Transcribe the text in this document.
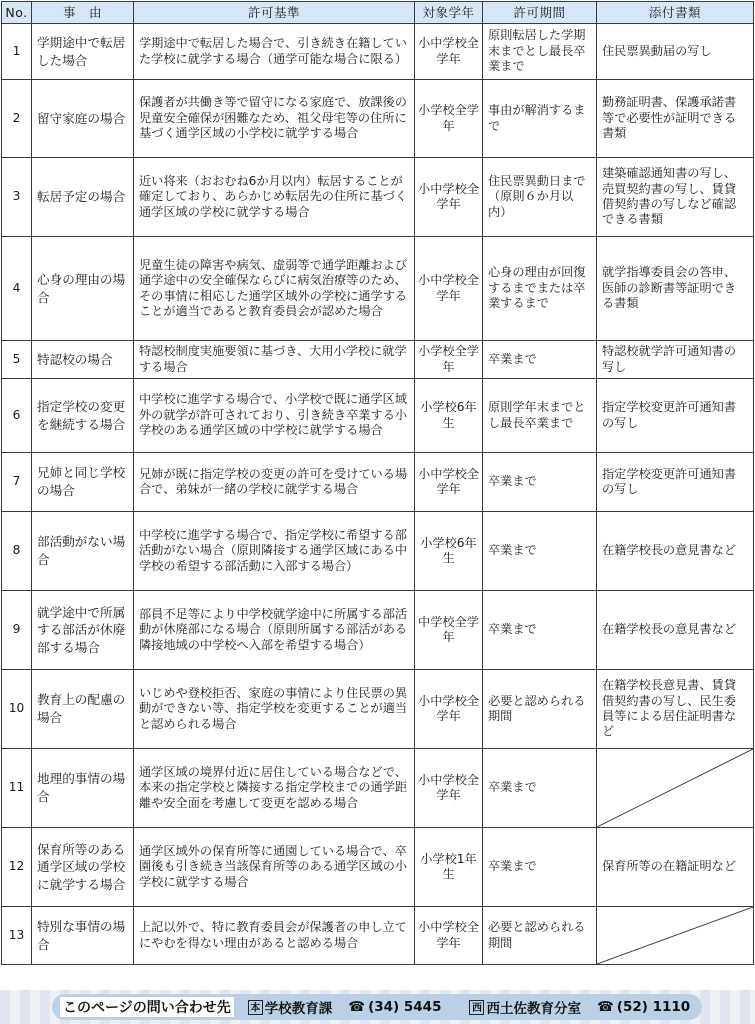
No.	事　由	許可基準	対象学年	許可期間	添付書類
1	学期途中で転居した場合	学期途中で転居した場合で、引き続き在籍していた学校に就学する場合（通学可能な場合に限る）	小中学校全学年	原則転居した学期末までとし最長卒業まで	住民票異動届の写し
2	留守家庭の場合	保護者が共働き等で留守になる家庭で、放課後の児童安全確保が困難なため、祖父母宅等の住所に基づく通学区域の小学校に就学する場合	小学校全学年	事由が解消するまで	勤務証明書、保護承諾書等で必要性が証明できる書類
3	転居予定の場合	近い将来（おおむね6か月以内）転居することが確定しており、あらかじめ転居先の住所に基づく通学区域の学校に就学する場合	小中学校全学年	住民票異動日まで（原則６か月以内）	建築確認通知書の写し、売買契約書の写し、賃貸借契約書の写しなど確認できる書類
4	心身の理由の場合	児童生徒の障害や病気、虚弱等で通学距離および通学途中の安全確保ならびに病気治療等のため、その事情に相応した通学区域外の学校に通学することが適当であると教育委員会が認めた場合	小中学校全学年	心身の理由が回復するまでまたは卒業するまで	就学指導委員会の答申、医師の診断書等証明できる書類
5	特認校の場合	特認校制度実施要領に基づき、大用小学校に就学する場合	小学校全学年	卒業まで	特認校就学許可通知書の写し
6	指定学校の変更を継続する場合	中学校に進学する場合で、小学校で既に通学区域外の就学が許可されており、引き続き卒業する小学校のある通学区域の中学校に就学する場合	小学校6年生	原則学年末までとし最長卒業まで	指定学校変更許可通知書の写し
7	兄姉と同じ学校の場合	兄姉が既に指定学校の変更の許可を受けている場合で、弟妹が一緒の学校に就学する場合	小中学校全学年	卒業まで	指定学校変更許可通知書の写し
8	部活動がない場合	中学校に進学する場合で、指定学校に希望する部活動がない場合（原則隣接する通学区域にある中学校の希望する部活動に入部する場合）	小学校6年生	卒業まで	在籍学校長の意見書など
9	就学途中で所属する部活が休廃部する場合	部員不足等により中学校就学途中に所属する部活動が休廃部になる場合（原則所属する部活がある隣接地域の中学校へ入部を希望する場合）	中学校全学年	卒業まで	在籍学校長の意見書など
10	教育上の配慮の場合	いじめや登校拒否、家庭の事情により住民票の異動ができない等、指定学校を変更することが適当と認められる場合	小中学校全学年	必要と認められる期間	在籍学校長意見書、賃貸借契約書の写し、民生委員等による居住証明書など
11	地理的事情の場合	通学区域の境界付近に居住している場合などで、本来の指定学校と隣接する指定学校までの通学距離や安全面を考慮して変更を認める場合	小中学校全学年	卒業まで	

12	保育所等のある通学区域の学校に就学する場合	通学区域外の保育所等に通園している場合で、卒園後も引き続き当該保育所等のある通学区域の小学校に就学する場合	小学校1年生	卒業まで	保育所等の在籍証明など
13	特別な事情の場合	上記以外で、特に教育委員会が保護者の申し立てにやむを得ない理由があると認める場合	小中学校全学年	必要と認められる期間	
このページの問い合わせ先	本 学校教育課 ☎ (34) 5445	西 西土佐教育分室 ☎ (52) 1110
